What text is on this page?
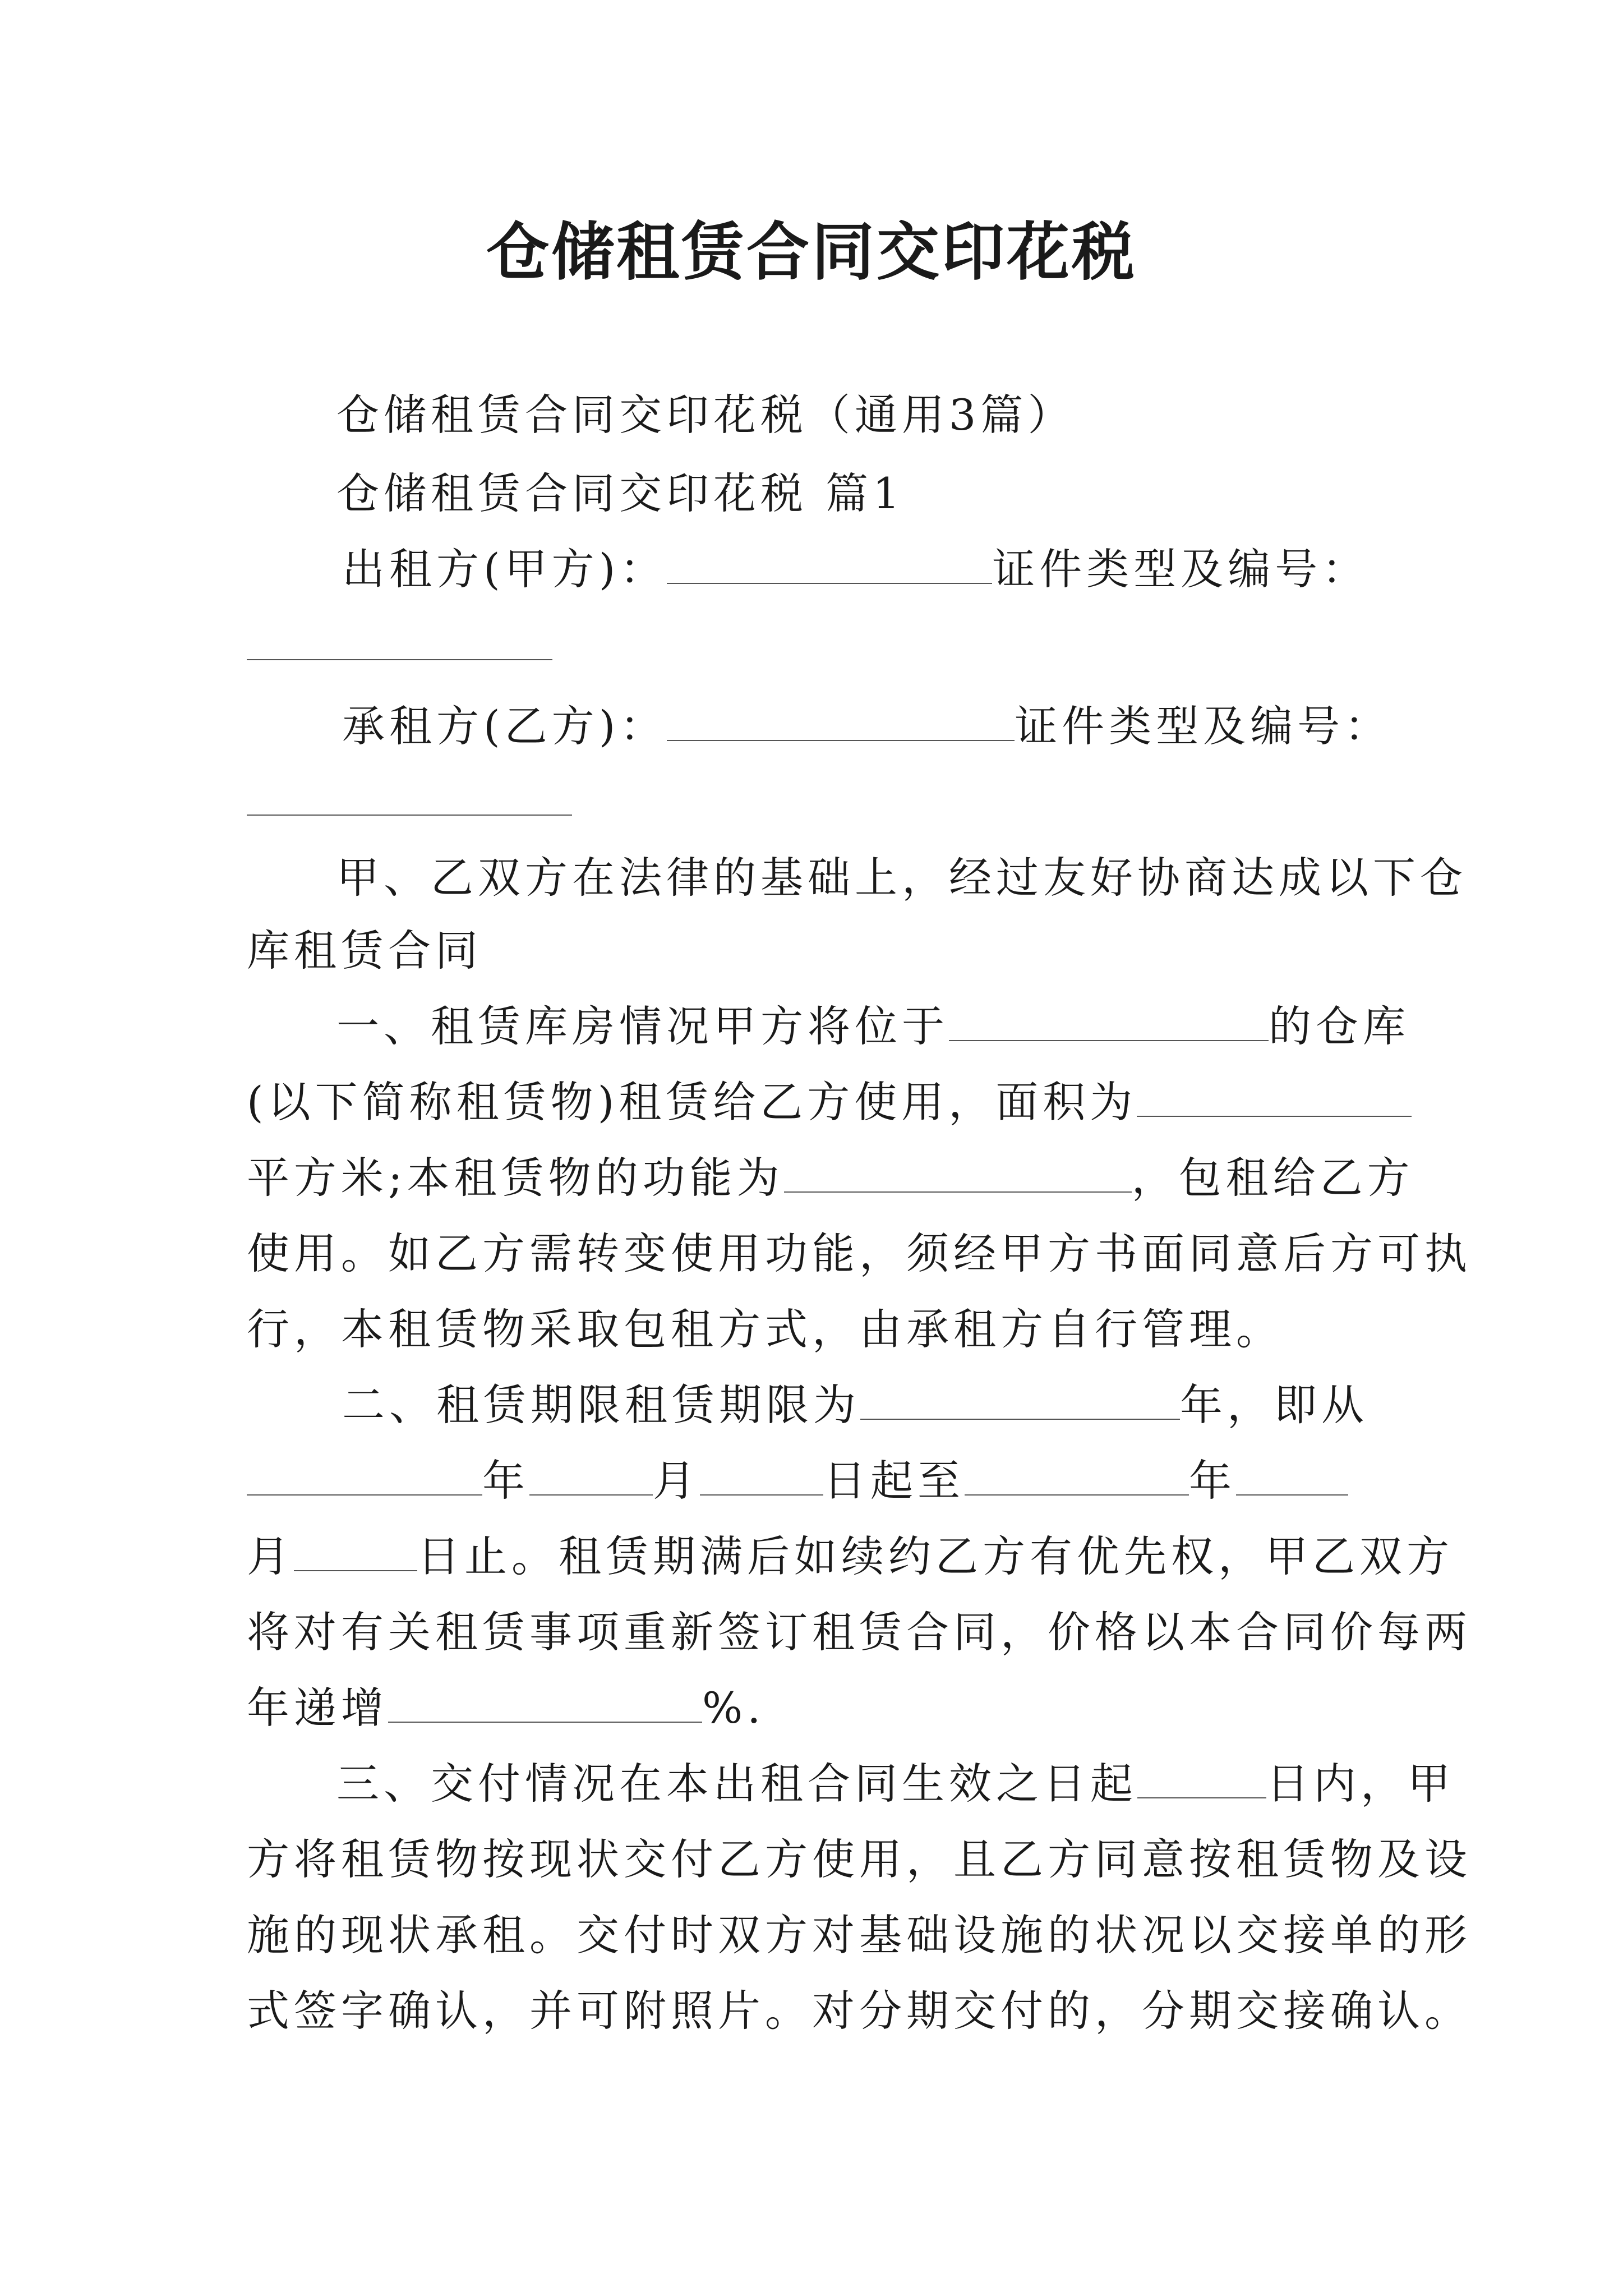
仓储租赁合同交印花税
仓储租赁合同交印花税（通用3篇）
仓储租赁合同交印花税 篇1
出租方(甲方)：	证件类型及编号：
承租方(乙方)：	证件类型及编号：
甲、乙双方在法律的基础上，经过友好协商达成以下仓
库租赁合同
一、租赁库房情况甲方将位于	的仓库
(以下简称租赁物)租赁给乙方使用，面积为
平方米;本租赁物的功能为	，包租给乙方
使用。如乙方需转变使用功能，须经甲方书面同意后方可执
行，本租赁物采取包租方式，由承租方自行管理。
二、租赁期限租赁期限为	年，即从
年	月	日起至	年
月	日止。租赁期满后如续约乙方有优先权，甲乙双方
将对有关租赁事项重新签订租赁合同，价格以本合同价每两
年递增	%.
三、交付情况在本出租合同生效之日起	日内，甲
方将租赁物按现状交付乙方使用，且乙方同意按租赁物及设
施的现状承租。交付时双方对基础设施的状况以交接单的形
式签字确认，并可附照片。对分期交付的，分期交接确认。
